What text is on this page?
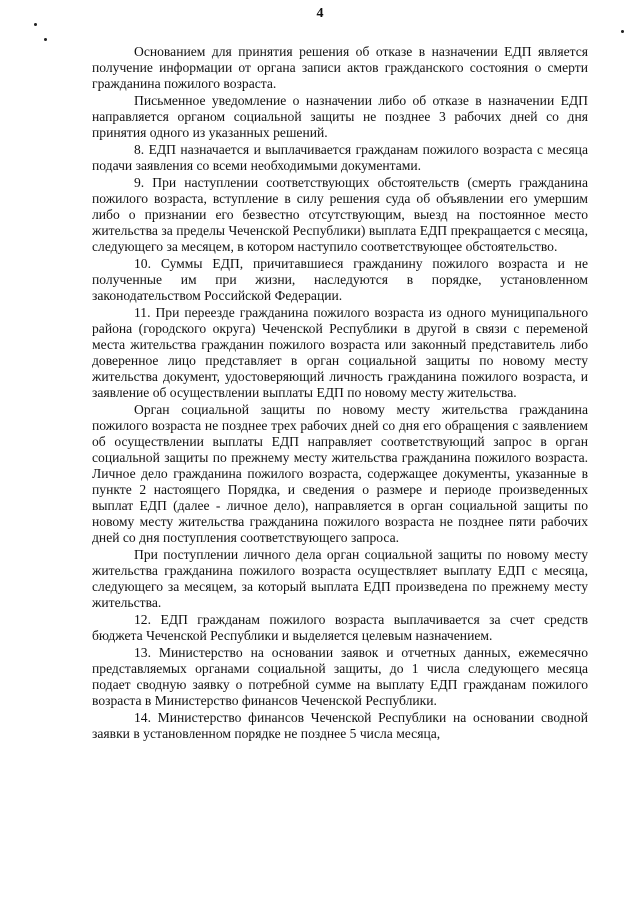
4

Основанием для принятия решения об отказе в назначении ЕДП является получение информации от органа записи актов гражданского состояния о смерти гражданина пожилого возраста.

Письменное уведомление о назначении либо об отказе в назначении ЕДП направляется органом социальной защиты не позднее 3 рабочих дней со дня принятия одного из указанных решений.

8. ЕДП назначается и выплачивается гражданам пожилого возраста с месяца подачи заявления со всеми необходимыми документами.

9. При наступлении соответствующих обстоятельств (смерть гражданина пожилого возраста, вступление в силу решения суда об объявлении его умершим либо о признании его безвестно отсутствующим, выезд на постоянное место жительства за пределы Чеченской Республики) выплата ЕДП прекращается с месяца, следующего за месяцем, в котором наступило соответствующее обстоятельство.

10. Суммы ЕДП, причитавшиеся гражданину пожилого возраста и не полученные им при жизни, наследуются в порядке, установленном законодательством Российской Федерации.

11. При переезде гражданина пожилого возраста из одного муниципального района (городского округа) Чеченской Республики в другой в связи с переменой места жительства гражданин пожилого возраста или законный представитель либо доверенное лицо представляет в орган социальной защиты по новому месту жительства документ, удостоверяющий личность гражданина пожилого возраста, и заявление об осуществлении выплаты ЕДП по новому месту жительства.

Орган социальной защиты по новому месту жительства гражданина пожилого возраста не позднее трех рабочих дней со дня его обращения с заявлением об осуществлении выплаты ЕДП направляет соответствующий запрос в орган социальной защиты по прежнему месту жительства гражданина пожилого возраста. Личное дело гражданина пожилого возраста, содержащее документы, указанные в пункте 2 настоящего Порядка, и сведения о размере и периоде произведенных выплат ЕДП (далее - личное дело), направляется в орган социальной защиты по новому месту жительства гражданина пожилого возраста не позднее пяти рабочих дней со дня поступления соответствующего запроса.

При поступлении личного дела орган социальной защиты по новому месту жительства гражданина пожилого возраста осуществляет выплату ЕДП с месяца, следующего за месяцем, за который выплата ЕДП произведена по прежнему месту жительства.

12. ЕДП гражданам пожилого возраста выплачивается за счет средств бюджета Чеченской Республики и выделяется целевым назначением.

13. Министерство на основании заявок и отчетных данных, ежемесячно представляемых органами социальной защиты, до 1 числа следующего месяца подает сводную заявку о потребной сумме на выплату ЕДП гражданам пожилого возраста в Министерство финансов Чеченской Республики.

14. Министерство финансов Чеченской Республики на основании сводной заявки в установленном порядке не позднее 5 числа месяца,
